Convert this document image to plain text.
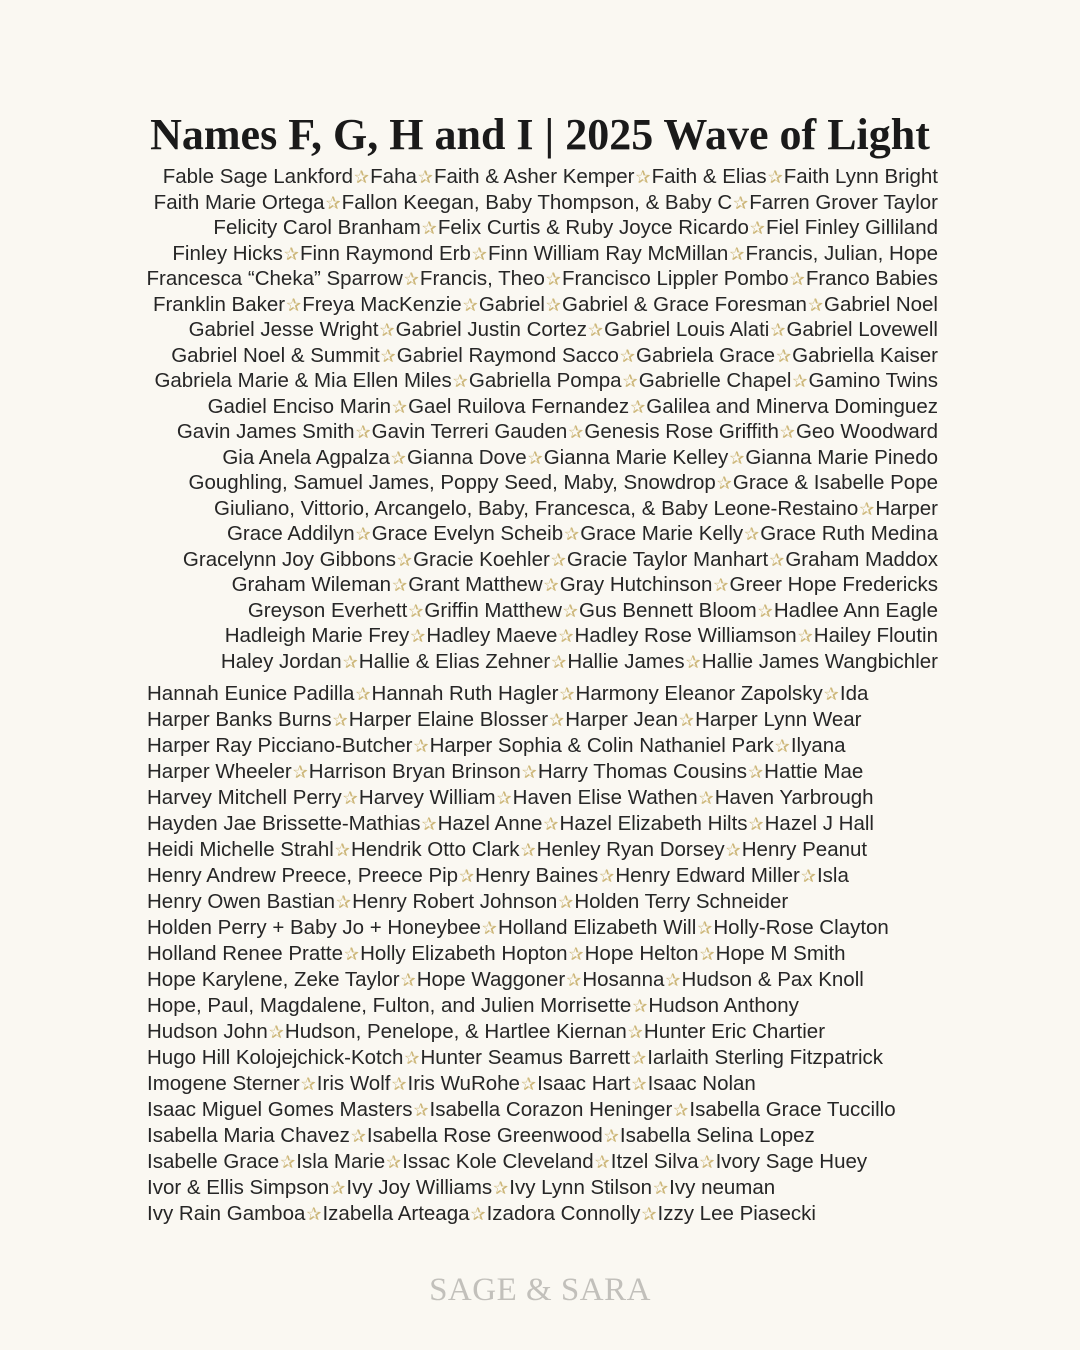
Names F, G, H and I | 2025 Wave of Light
Fable Sage Lankford✰Faha✰Faith & Asher Kemper✰Faith & Elias✰Faith Lynn Bright
Faith Marie Ortega✰Fallon Keegan, Baby Thompson, & Baby C✰Farren Grover Taylor
Felicity Carol Branham✰Felix Curtis & Ruby Joyce Ricardo✰Fiel Finley Gilliland
Finley Hicks✰Finn Raymond Erb✰Finn William Ray McMillan✰Francis, Julian, Hope
Francesca “Cheka” Sparrow✰Francis, Theo✰Francisco Lippler Pombo✰Franco Babies
Franklin Baker✰Freya MacKenzie✰Gabriel✰Gabriel & Grace Foresman✰Gabriel Noel
Gabriel Jesse Wright✰Gabriel Justin Cortez✰Gabriel Louis Alati✰Gabriel Lovewell
Gabriel Noel & Summit✰Gabriel Raymond Sacco✰Gabriela Grace✰Gabriella Kaiser
Gabriela Marie & Mia Ellen Miles✰Gabriella Pompa✰Gabrielle Chapel✰Gamino Twins
Gadiel Enciso Marin✰Gael Ruilova Fernandez✰Galilea and Minerva Dominguez
Gavin James Smith✰Gavin Terreri Gauden✰Genesis Rose Griffith✰Geo Woodward
Gia Anela Agpalza✰Gianna Dove✰Gianna Marie Kelley✰Gianna Marie Pinedo
Goughling, Samuel James, Poppy Seed, Maby, Snowdrop✰Grace & Isabelle Pope
Giuliano, Vittorio, Arcangelo, Baby, Francesca, & Baby Leone-Restaino✰Harper
Grace Addilyn✰Grace Evelyn Scheib✰Grace Marie Kelly✰Grace Ruth Medina
Gracelynn Joy Gibbons✰Gracie Koehler✰Gracie Taylor Manhart✰Graham Maddox
Graham Wileman✰Grant Matthew✰Gray Hutchinson✰Greer Hope Fredericks
Greyson Everhett✰Griffin Matthew✰Gus Bennett Bloom✰Hadlee Ann Eagle
Hadleigh Marie Frey✰Hadley Maeve✰Hadley Rose Williamson✰Hailey Floutin
Haley Jordan✰Hallie & Elias Zehner✰Hallie James✰Hallie James Wangbichler
Hannah Eunice Padilla✰Hannah Ruth Hagler✰Harmony Eleanor Zapolsky✰Ida
Harper Banks Burns✰Harper Elaine Blosser✰Harper Jean✰Harper Lynn Wear
Harper Ray Picciano-Butcher✰Harper Sophia & Colin Nathaniel Park✰Ilyana
Harper Wheeler✰Harrison Bryan Brinson✰Harry Thomas Cousins✰Hattie Mae
Harvey Mitchell Perry✰Harvey William✰Haven Elise Wathen✰Haven Yarbrough
Hayden Jae Brissette-Mathias✰Hazel Anne✰Hazel Elizabeth Hilts✰Hazel J Hall
Heidi Michelle Strahl✰Hendrik Otto Clark✰Henley Ryan Dorsey✰Henry Peanut
Henry Andrew Preece, Preece Pip✰Henry Baines✰Henry Edward Miller✰Isla
Henry Owen Bastian✰Henry Robert Johnson✰Holden Terry Schneider
Holden Perry + Baby Jo + Honeybee✰Holland Elizabeth Will✰Holly-Rose Clayton
Holland Renee Pratte✰Holly Elizabeth Hopton✰Hope Helton✰Hope M Smith
Hope Karylene, Zeke Taylor✰Hope Waggoner✰Hosanna✰Hudson & Pax Knoll
Hope, Paul, Magdalene, Fulton, and Julien Morrisette✰Hudson Anthony
Hudson John✰Hudson, Penelope, & Hartlee Kiernan✰Hunter Eric Chartier
Hugo Hill Kolojejchick-Kotch✰Hunter Seamus Barrett✰Iarlaith Sterling Fitzpatrick
Imogene Sterner✰Iris Wolf✰Iris WuRohe✰Isaac Hart✰Isaac Nolan
Isaac Miguel Gomes Masters✰Isabella Corazon Heninger✰Isabella Grace Tuccillo
Isabella Maria Chavez✰Isabella Rose Greenwood✰Isabella Selina Lopez
Isabelle Grace✰Isla Marie✰Issac Kole Cleveland✰Itzel Silva✰Ivory Sage Huey
Ivor & Ellis Simpson✰Ivy Joy Williams✰Ivy Lynn Stilson✰Ivy neuman
Ivy Rain Gamboa✰Izabella Arteaga✰Izadora Connolly✰Izzy Lee Piasecki
SAGE & SARA
